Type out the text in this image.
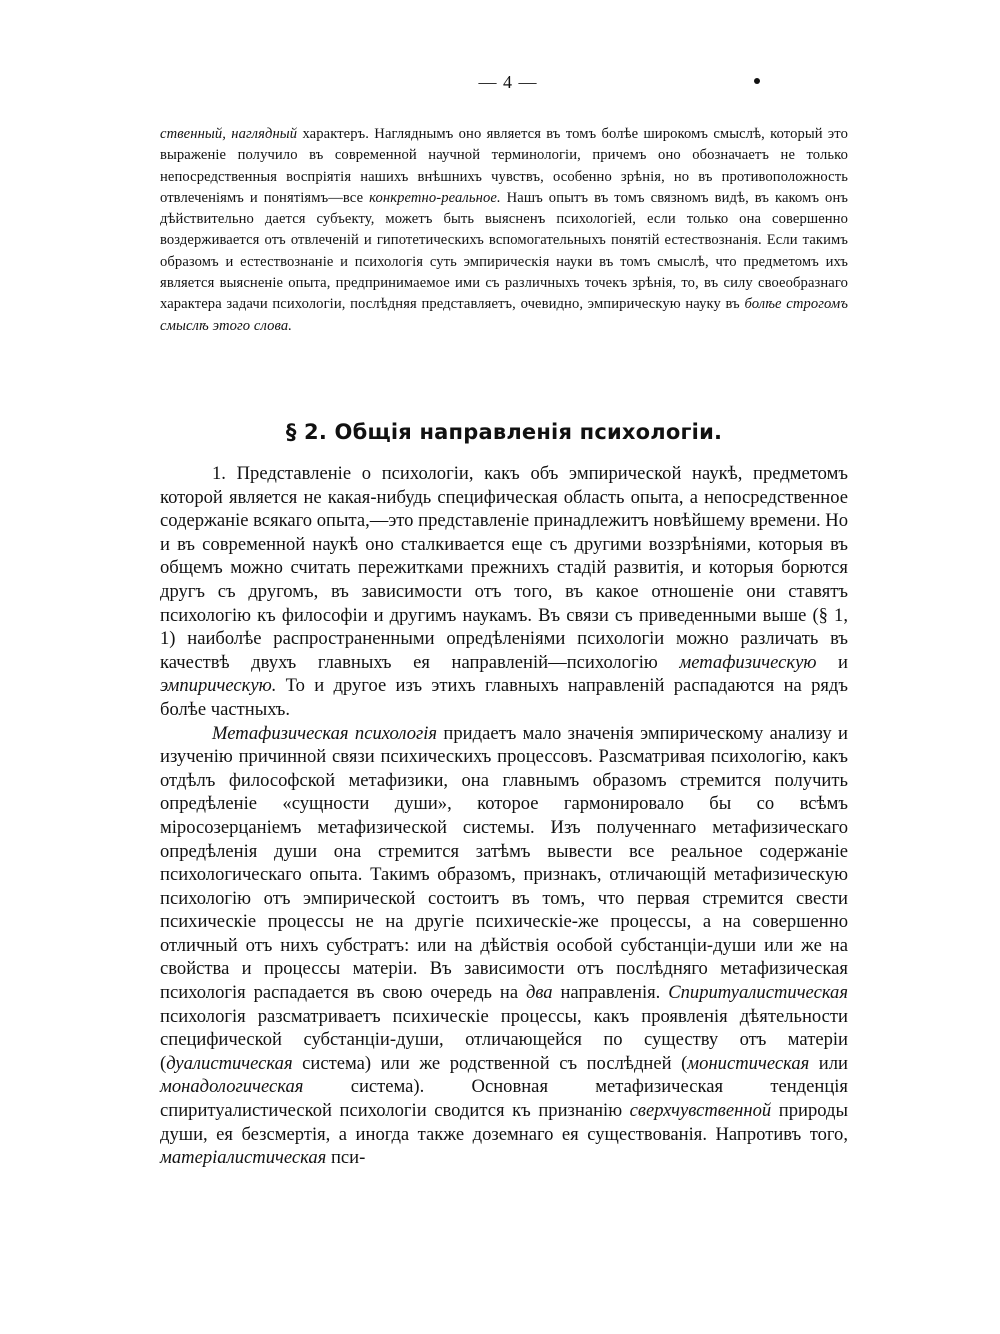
— 4 —

ственный, наглядный характеръ. Нагляднымъ оно является въ томъ болѣе широкомъ смыслѣ, который это выраженіе получило въ современной научной терминологіи, причемъ оно обозначаетъ не только непосредственныя воспріятія нашихъ внѣшнихъ чувствъ, особенно зрѣнія, но въ противоположность отвлеченіямъ и понятіямъ—все конкретно-реальное. Нашъ опытъ въ томъ связномъ видѣ, въ какомъ онъ дѣйствительно дается субъекту, можетъ быть выясненъ психологіей, если только она совершенно воздерживается отъ отвлеченій и гипотетическихъ вспомогательныхъ понятій естествознанія. Если такимъ образомъ и естествознаніе и психологія суть эмпирическія науки въ томъ смыслѣ, что предметомъ ихъ является выясненіе опыта, предпринимаемое ими съ различныхъ точекъ зрѣнія, то, въ силу своеобразнаго характера задачи психологіи, послѣдняя представляетъ, очевидно, эмпирическую науку въ болѣе строгомъ смыслѣ этого слова.

§ 2. Общія направленія психологіи.

1. Представленіе о психологіи, какъ объ эмпирической наукѣ, предметомъ которой является не какая-нибудь специфическая область опыта, а непосредственное содержаніе всякаго опыта,—это представленіе принадлежитъ новѣйшему времени. Но и въ современной наукѣ оно сталкивается еще съ другими воззрѣніями, которыя въ общемъ можно считать пережитками прежнихъ стадій развитія, и которыя борются другъ съ другомъ, въ зависимости отъ того, въ какое отношеніе они ставятъ психологію къ философіи и другимъ наукамъ. Въ связи съ приведенными выше (§ 1, 1) наиболѣе распространенными опредѣленіями психологіи можно различать въ качествѣ двухъ главныхъ ея направленій—психологію метафизическую и эмпирическую. То и другое изъ этихъ главныхъ направленій распадаются на рядъ болѣе частныхъ.

Метафизическая психологія придаетъ мало значенія эмпирическому анализу и изученію причинной связи психическихъ процессовъ. Разсматривая психологію, какъ отдѣлъ философской метафизики, она главнымъ образомъ стремится получить опредѣленіе «сущности души», которое гармонировало бы со всѣмъ міросозерцаніемъ метафизической системы. Изъ полученнаго метафизическаго опредѣленія души она стремится затѣмъ вывести все реальное содержаніе психологическаго опыта. Такимъ образомъ, признакъ, отличающій метафизическую психологію отъ эмпирической состоитъ въ томъ, что первая стремится свести психическіе процессы не на другіе психическіе-же процессы, а на совершенно отличный отъ нихъ субстратъ: или на дѣйствія особой субстанціи-души или же на свойства и процессы матеріи. Въ зависимости отъ послѣдняго метафизическая психологія распадается въ свою очередь на два направленія. Спиритуалистическая психологія разсматриваетъ психическіе процессы, какъ проявленія дѣятельности специфической субстанціи-души, отличающейся по существу отъ матеріи (дуалистическая система) или же родственной съ послѣдней (монистическая или монадологическая система). Основная метафизическая тенденція спиритуалистической психологіи сводится къ признанію сверхчувственной природы души, ея безсмертія, а иногда также доземнаго ея существованія. Напротивъ того, матеріалистическая пси-
